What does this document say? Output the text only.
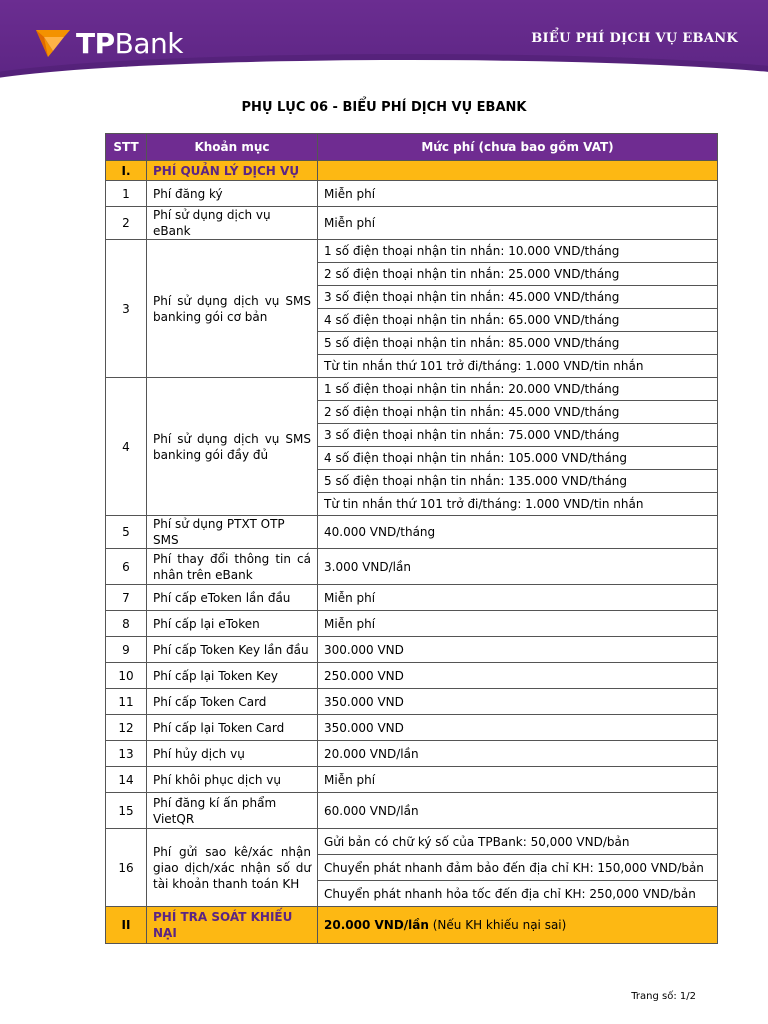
TPBank	BIỂU PHÍ DỊCH VỤ EBANK
PHỤ LỤC 06 - BIỂU PHÍ DỊCH VỤ EBANK
STT	Khoản mục	Mức phí (chưa bao gồm VAT)
I.	PHÍ QUẢN LÝ DỊCH VỤ	
1	Phí đăng ký	Miễn phí
2	Phí sử dụng dịch vụ eBank	Miễn phí
3	Phí sử dụng dịch vụ SMS banking gói cơ bản	1 số điện thoại nhận tin nhắn: 10.000 VND/tháng
		2 số điện thoại nhận tin nhắn: 25.000 VND/tháng
		3 số điện thoại nhận tin nhắn: 45.000 VND/tháng
		4 số điện thoại nhận tin nhắn: 65.000 VND/tháng
		5 số điện thoại nhận tin nhắn: 85.000 VND/tháng
		Từ tin nhắn thứ 101 trở đi/tháng: 1.000 VND/tin nhắn
4	Phí sử dụng dịch vụ SMS banking gói đầy đủ	1 số điện thoại nhận tin nhắn: 20.000 VND/tháng
		2 số điện thoại nhận tin nhắn: 45.000 VND/tháng
		3 số điện thoại nhận tin nhắn: 75.000 VND/tháng
		4 số điện thoại nhận tin nhắn: 105.000 VND/tháng
		5 số điện thoại nhận tin nhắn: 135.000 VND/tháng
		Từ tin nhắn thứ 101 trở đi/tháng: 1.000 VND/tin nhắn
5	Phí sử dụng PTXT OTP SMS	40.000 VND/tháng
6	Phí thay đổi thông tin cá nhân trên eBank	3.000 VND/lần
7	Phí cấp eToken lần đầu	Miễn phí
8	Phí cấp lại eToken	Miễn phí
9	Phí cấp Token Key lần đầu	300.000 VND
10	Phí cấp lại Token Key	250.000 VND
11	Phí cấp Token Card	350.000 VND
12	Phí cấp lại Token Card	350.000 VND
13	Phí hủy dịch vụ	20.000 VND/lần
14	Phí khôi phục dịch vụ	Miễn phí
15	Phí đăng kí ấn phẩm VietQR	60.000 VND/lần
16	Phí gửi sao kê/xác nhận giao dịch/xác nhận số dư tài khoản thanh toán KH	Gửi bản có chữ ký số của TPBank: 50,000 VND/bản
		Chuyển phát nhanh đảm bảo đến địa chỉ KH: 150,000 VND/bản
		Chuyển phát nhanh hỏa tốc đến địa chỉ KH: 250,000 VND/bản
II	PHÍ TRA SOÁT KHIẾU NẠI	20.000 VND/lần (Nếu KH khiếu nại sai)
Trang số: 1/2
